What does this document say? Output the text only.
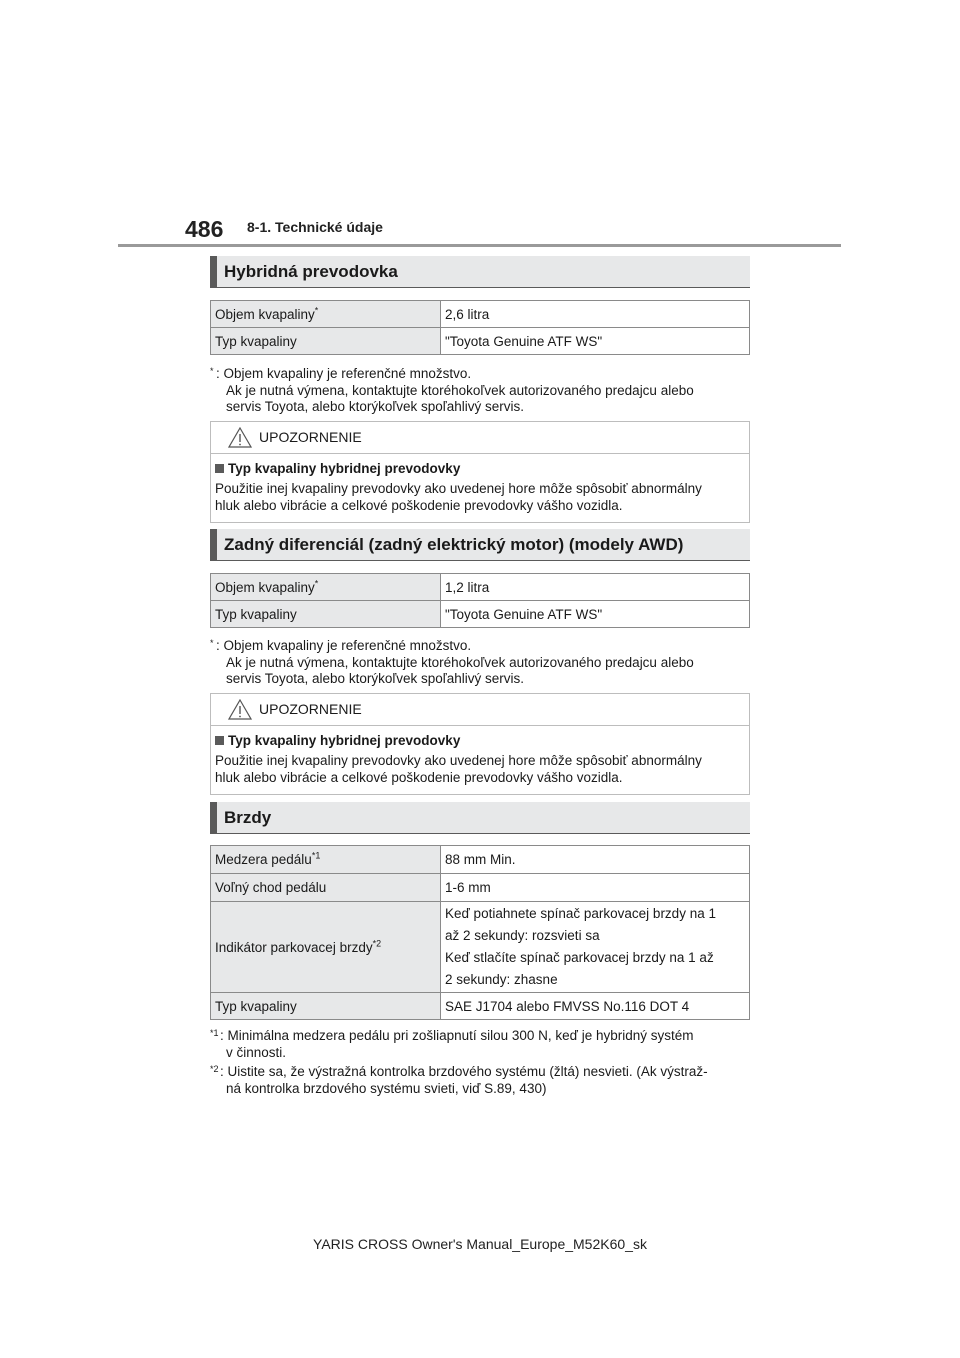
486 8-1. Technické údaje
Hybridná prevodovka
Objem kvapaliny*	2,6 litra
Typ kvapaliny	"Toyota Genuine ATF WS"
* : Objem kvapaliny je referenčné množstvo.
Ak je nutná výmena, kontaktujte ktoréhokoľvek autorizovaného predajcu alebo
servis Toyota, alebo ktorýkoľvek spoľahlivý servis.
UPOZORNENIE
Typ kvapaliny hybridnej prevodovky
Použitie inej kvapaliny prevodovky ako uvedenej hore môže spôsobiť abnormálny
hluk alebo vibrácie a celkové poškodenie prevodovky vášho vozidla.
Zadný diferenciál (zadný elektrický motor) (modely AWD)
Objem kvapaliny*	1,2 litra
Typ kvapaliny	"Toyota Genuine ATF WS"
* : Objem kvapaliny je referenčné množstvo.
Ak je nutná výmena, kontaktujte ktoréhokoľvek autorizovaného predajcu alebo
servis Toyota, alebo ktorýkoľvek spoľahlivý servis.
UPOZORNENIE
Typ kvapaliny hybridnej prevodovky
Použitie inej kvapaliny prevodovky ako uvedenej hore môže spôsobiť abnormálny
hluk alebo vibrácie a celkové poškodenie prevodovky vášho vozidla.
Brzdy
Medzera pedálu$^{*1}$	88 mm Min.
Voľný chod pedálu	1-6 mm
Indikátor parkovacej brzdy$^{*2}$	Keď potiahnete spínač parkovacej brzdy na 1
až 2 sekundy: rozsvieti sa
Keď stlačíte spínač parkovacej brzdy na 1 až
2 sekundy: zhasne

Typ kvapaliny	SAE J1704 alebo FMVSS No.116 DOT 4
*1 : Minimálna medzera pedálu pri zošliapnutí silou 300 N, keď je hybridný systém
v činnosti.
*2 : Uistite sa, že výstražná kontrolka brzdového systému (žltá) nesvieti. (Ak výstraž-
ná kontrolka brzdového systému svieti, viď S.89, 430)
YARIS CROSS Owner's Manual_Europe_M52K60_sk
